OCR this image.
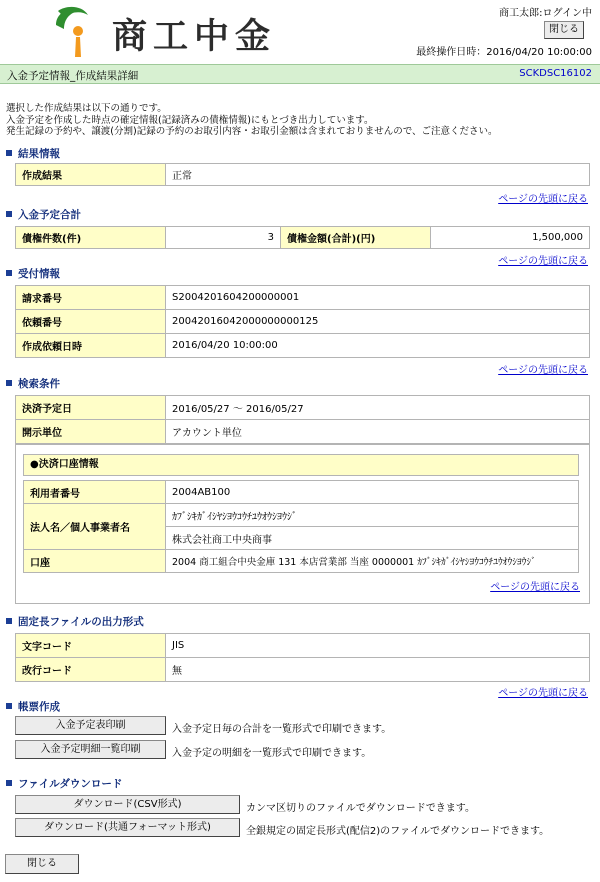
商工中金
商工太郎:ログイン中
閉じる
最終操作日時：2016/04/20 10:00:00
入金予定情報_作成結果詳細	SCKDSC16102
選択した作成結果は以下の通りです。
入金予定を作成した時点の確定情報(記録済みの債権情報)にもとづき出力しています。
発生記録の予約や、譲渡(分割)記録の予約のお取引内容・お取引金額は含まれておりませんので、ご注意ください。
結果情報
作成結果	正常
ページの先頭に戻る
入金予定合計
債権件数(件)	3	債権金額(合計)(円)	1,500,000
ページの先頭に戻る
受付情報
請求番号	S2004201604200000001
依頼番号	20042016042000000000125
作成依頼日時	2016/04/20 10:00:00
ページの先頭に戻る
検索条件
決済予定日	2016/05/27 〜 2016/05/27
開示単位	アカウント単位
●決済口座情報
利用者番号	2004AB100
法人名／個人事業者名	ｶﾌﾞｼｷｶﾞｲｼﾔｼﾖｳｺｳﾁﾕｳｵｳｼﾖｳｼﾞ
	株式会社商工中央商事
口座	2004 商工組合中央金庫 131 本店営業部 当座 0000001 ｶﾌﾞｼｷｶﾞｲｼﾔｼﾖｳｺｳﾁﾕｳｵｳｼﾖｳｼﾞ
ページの先頭に戻る
固定長ファイルの出力形式
文字コード	JIS
改行コード	無
ページの先頭に戻る
帳票作成
入金予定表印刷	入金予定日毎の合計を一覧形式で印刷できます。
入金予定明細一覧印刷	入金予定の明細を一覧形式で印刷できます。
ファイルダウンロード
ダウンロード(CSV形式)	カンマ区切りのファイルでダウンロードできます。
ダウンロード(共通フォーマット形式)	全銀規定の固定長形式(配信2)のファイルでダウンロードできます。
閉じる
